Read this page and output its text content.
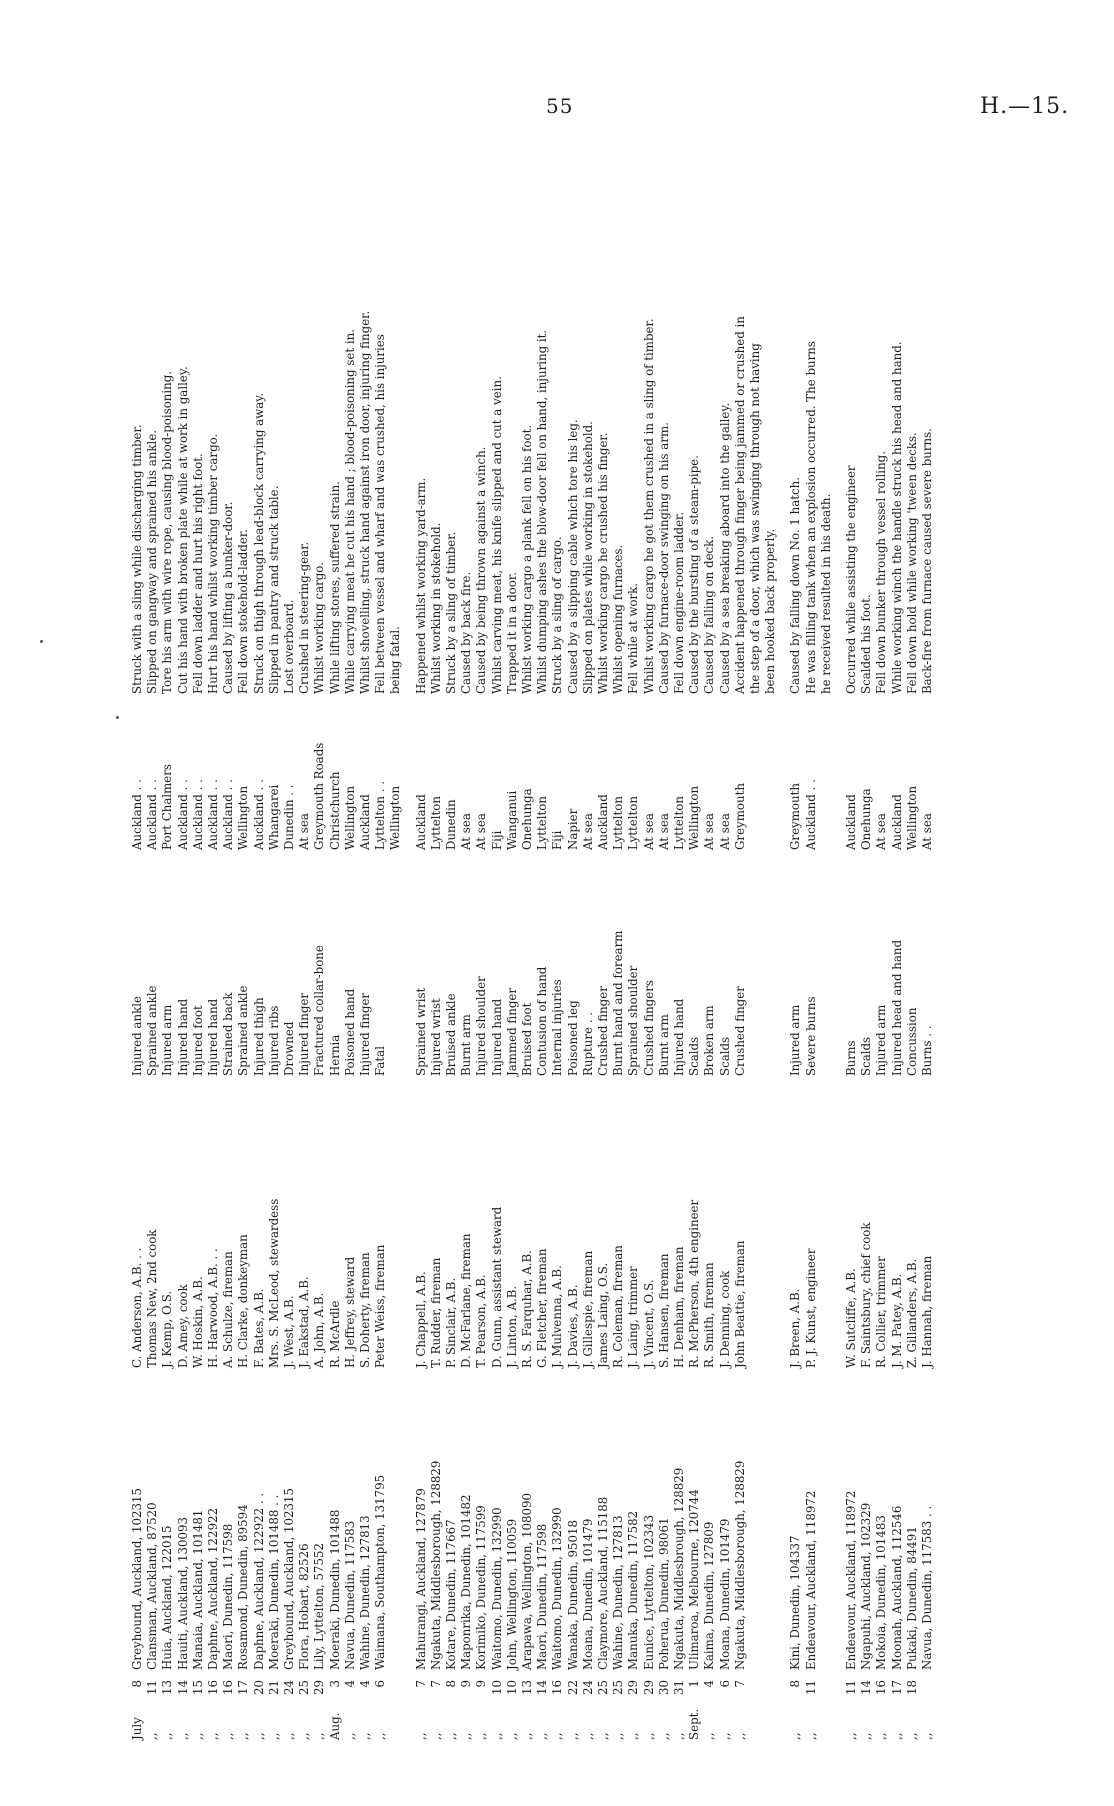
55	H.—15.
July
8
Greyhound, Auckland, 102315
C. Anderson, A.B. . .
Injured ankle
Auckland . .
Struck with a sling while discharging timber.
,,
11
Clansman, Auckland, 87520
Thomas New, 2nd cook
Sprained ankle
Auckland . .
Slipped on gangway and sprained his ankle.
,,
13
Huia, Auckland, 122015
J. Kemp, O.S.
Injured arm
Port Chalmers
Tore his arm with wire rope, causing blood-poisoning.
,,
14
Hauiti, Auckland, 130093
D. Amey, cook
Injured hand
Auckland . .
Cut his hand with broken plate while at work in galley.
,,
15
Manaia, Auckland, 101481
W. Hoskin, A.B.
Injured foot
Auckland . .
Fell down ladder and hurt his right foot.
,,
16
Daphne, Auckland, 122922
H. Harwood, A.B. . .
Injured hand
Auckland . .
Hurt his hand whilst working timber cargo.
,,
16
Maori, Dunedin, 117598
A. Schulze, fireman
Strained back
Auckland . .
Caused by lifting a bunker-door.
,,
17
Rosamond, Dunedin, 89594
H. Clarke, donkeyman
Sprained ankle
Wellington
Fell down stokehold-ladder.
,,
20
Daphne, Auckland, 122922 . .
F. Bates, A.B.
Injured thigh
Auckland . .
Struck on thigh through lead-block carrying away.
,,
21
Moeraki, Dunedin, 101488 . .
Mrs. S. McLeod, stewardess
Injured ribs
Whangarei
Slipped in pantry and struck table.
,,
24
Greyhound, Auckland, 102315
J. West, A.B.
Drowned
Dunedin . .
Lost overboard.
,,
25
Flora, Hobart, 82526
J. Eakstad, A.B.
Injured finger
At sea
Crushed in steering-gear.
,,
29
Lily, Lyttelton, 57552
A. John, A.B.
Fractured collar-bone
Greymouth Roads
Whilst working cargo.
Aug.
3
Moeraki, Dunedin, 101488
R. McArdle
Hernia
Christchurch
While lifting stores, suffered strain.
,,
4
Navua, Dunedin, 117583
H. Jeffrey, steward
Poisoned hand
Wellington
While carrying meat he cut his hand ; blood-poisoning set in.
,,
4
Wahine, Dunedin, 127813
S. Doherty, fireman
Injured finger
Auckland
Whilst shovelling, struck hand against iron door, injuring finger.
,,
6
Waimana, Southampton, 131795
Peter Weiss, fireman
Fatal
Lyttelton . .
Fell between vessel and wharf and was crushed, his injuries
Wellington
being fatal.
,,
7
Mahurangi, Auckland, 127879
J. Chappell, A.B.
Sprained wrist
Auckland
Happened whilst working yard-arm.
,,
7
Ngakuta, Middlesborough, 128829
T. Rudder, fireman
Injured wrist
Lyttelton
Whilst working in stokehold.
,,
8
Kotare, Dunedin, 117667
P. Sinclair, A.B.
Bruised ankle
Dunedin
Struck by a sling of timber.
,,
9
Maponrika, Dunedin, 101482
D. McFarlane, fireman
Burnt arm
At sea
Caused by back fire.
,,
9
Korimiko, Dunedin, 117599
T. Pearson, A.B.
Injured shoulder
At sea
Caused by being thrown against a winch.
,,
10
Waitomo, Dunedin, 132990
D. Gunn, assistant steward
Injured hand
Fiji
Whilst carving meat, his knife slipped and cut a vein.
,,
10
John, Wellington, 110059
J. Linton, A.B.
Jammed finger
Wanganui
Trapped it in a door.
,,
13
Arapawa, Wellington, 108090
R. S. Farquhar, A.B.
Bruised foot
Onehunga
Whilst working cargo a plank fell on his foot.
,,
14
Maori, Dunedin, 117598
G. Fletcher, fireman
Contusion of hand
Lyttelton
Whilst dumping ashes the blow-door fell on hand, injuring it.
,,
16
Waitomo, Dunedin, 132990
J. Mulvenna, A.B.
Internal injuries
Fiji
Struck by a sling of cargo.
,,
22
Wanaka, Dunedin, 95018
J. Davies, A.B.
Poisoned leg
Napier
Caused by a slipping cable which tore his leg.
,,
24
Moana, Dunedin, 101479
J. Gillespie, fireman
Rupture . .
At sea
Slipped on plates while working in stokehold.
,,
25
Claymore, Auckland, 115188
James Laing, O.S.
Crushed finger
Auckland
Whilst working cargo he crushed his finger.
,,
25
Wahine, Dunedin, 127813
R. Coleman, fireman
Burnt hand and forearm
Lyttelton
Whilst opening furnaces.
,,
29
Manuka, Dunedin, 117582
J. Laing, trimmer
Sprained shoulder
Lyttelton
Fell while at work.
,,
29
Eunice, Lyttelton, 102343
J. Vincent, O.S.
Crushed fingers
At sea
Whilst working cargo he got them crushed in a sling of timber.
,,
30
Poherua, Dunedin, 98061
S. Hansen, fireman
Burnt arm
At sea
Caused by furnace-door swinging on his arm.
,,
31
Ngakuta, Middlesbrough, 128829
H. Denham, fireman
Injured hand
Lyttelton
Fell down engine-room ladder.
Sept.
1
Ulimaroa, Melbourne, 120744
R. McPherson, 4th engineer
Scalds
Wellington
Caused by the bursting of a steam-pipe.
,,
4
Kaima, Dunedin, 127809
R. Smith, fireman
Broken arm
At sea
Caused by falling on deck.
,,
6
Moana, Dunedin, 101479
J. Denning, cook
Scalds
At sea
Caused by a sea breaking aboard into the galley.
,,
7
Ngakuta, Middlesborough, 128829
John Beattie, fireman
Crushed finger
Greymouth
Accident happened through finger being jammed or crushed in the step of a door, which was swinging through not having been hooked back properly.
,,
8
Kini, Dunedin, 104337
J. Breen, A.B.
Injured arm
Greymouth
Caused by falling down No. 1 hatch.
,,
11
Endeavour, Auckland, 118972
P. J. Kunst, engineer
Severe burns
Auckland . .
He was filling tank when an explosion occurred. The burns he received resulted in his death.
,,
11
Endeavour, Auckland, 118972
W. Sutcliffe, A.B.
Burns
Auckland
Occurred while assisting the engineer
,,
14
Ngapuhi, Auckland, 102329
F. Saintsbury, chief cook
Scalds
Onehunga
Scalded his foot.
,,
16
Mokoia, Dunedin, 101483
R. Collier, trimmer
Injured arm
At sea
Fell down bunker through vessel rolling.
,,
17
Moonah, Auckland, 112546
J. M. Patey, A.B.
Injured head and hand
Auckland
While working winch the handle struck his head and hand.
,,
18
Pukaki, Dunedin, 84491
Z. Gillanders, A.B.
Concussion
Wellington
Fell down hold while working 'tween decks.
,,
Navua, Dunedin, 117583 . .
J. Hannah, fireman
Burns . .
At sea
Back-fire from furnace caused severe burns.
